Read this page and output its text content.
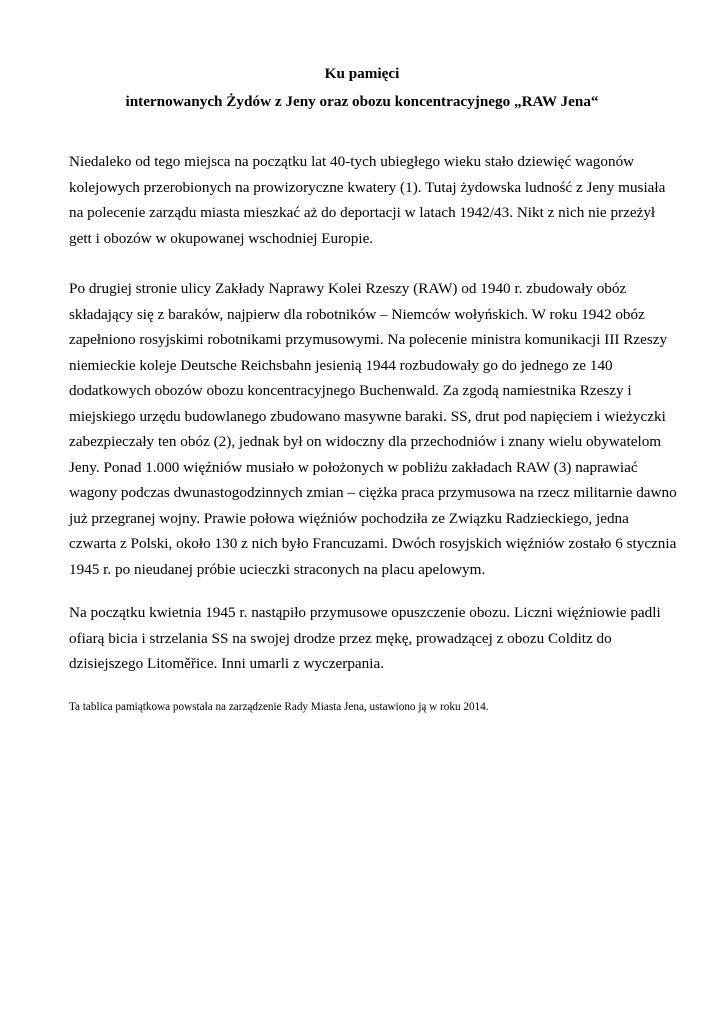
Ku pamięci

internowanych Żydów z Jeny oraz obozu koncentracyjnego „RAW Jena“

Niedaleko od tego miejsca na początku lat 40-tych ubiegłego wieku stało dziewięć wagonów
kolejowych przerobionych na prowizoryczne kwatery (1). Tutaj żydowska ludność z Jeny musiała
na polecenie zarządu miasta mieszkać aż do deportacji w latach 1942/43. Nikt z nich nie przeżył
gett i obozów w okupowanej wschodniej Europie.

Po drugiej stronie ulicy Zakłady Naprawy Kolei Rzeszy (RAW) od 1940 r. zbudowały obóz
składający się z baraków, najpierw dla robotników – Niemców wołyńskich. W roku 1942 obóz
zapełniono rosyjskimi robotnikami przymusowymi. Na polecenie ministra komunikacji III Rzeszy
niemieckie koleje Deutsche Reichsbahn jesienią 1944 rozbudowały go do jednego ze 140
dodatkowych obozów obozu koncentracyjnego Buchenwald. Za zgodą namiestnika Rzeszy i
miejskiego urzędu budowlanego zbudowano masywne baraki. SS, drut pod napięciem i wieżyczki
zabezpieczały ten obóz (2), jednak był on widoczny dla przechodniów i znany wielu obywatelom
Jeny. Ponad 1.000 więźniów musiało w położonych w pobliżu zakładach RAW (3) naprawiać
wagony podczas dwunastogodzinnych zmian – ciężka praca przymusowa na rzecz militarnie dawno
już przegranej wojny. Prawie połowa więźniów pochodziła ze Związku Radzieckiego, jedna
czwarta z Polski, około 130 z nich było Francuzami. Dwóch rosyjskich więźniów zostało 6 stycznia
1945 r. po nieudanej próbie ucieczki straconych na placu apelowym.

Na początku kwietnia 1945 r. nastąpiło przymusowe opuszczenie obozu. Liczni więźniowie padli
ofiarą bicia i strzelania SS na swojej drodze przez mękę, prowadzącej z obozu Colditz do
dzisiejszego Litoměřice. Inni umarli z wyczerpania.

Ta tablica pamiątkowa powstała na zarządzenie Rady Miasta Jena, ustawiono ją w roku 2014.
